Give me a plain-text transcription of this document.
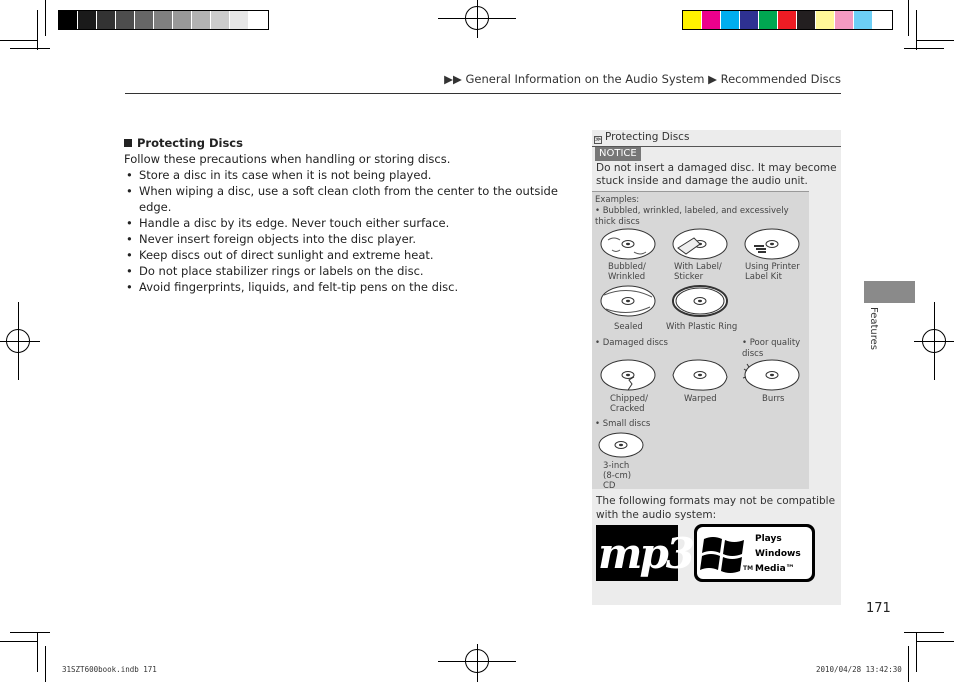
▶▶ General Information on the Audio System ▶ Recommended Discs
Protecting Discs
Follow these precautions when handling or storing discs.
• Store a disc in its case when it is not being played.
• When wiping a disc, use a soft clean cloth from the center to the outside edge.
• Handle a disc by its edge. Never touch either surface.
• Never insert foreign objects into the disc player.
• Keep discs out of direct sunlight and extreme heat.
• Do not place stabilizer rings or labels on the disc.
• Avoid fingerprints, liquids, and felt-tip pens on the disc.
Features
≫ Protecting Discs
NOTICE
Do not insert a damaged disc. It may become stuck inside and damage the audio unit.
Examples:
• Bubbled, wrinkled, labeled, and excessively thick discs
Bubbled/ Wrinkled
With Label/ Sticker
Using Printer Label Kit
Sealed	With Plastic Ring
• Damaged discs	• Poor quality discs
Chipped/ Cracked
Warped	Burrs
• Small discs
3-inch (8-cm) CD
The following formats may not be compatible with the audio system:
mp3	Plays
Windows
Media™
TM
171
31SZT600book.indb 171	2010/04/28 13:42:30
